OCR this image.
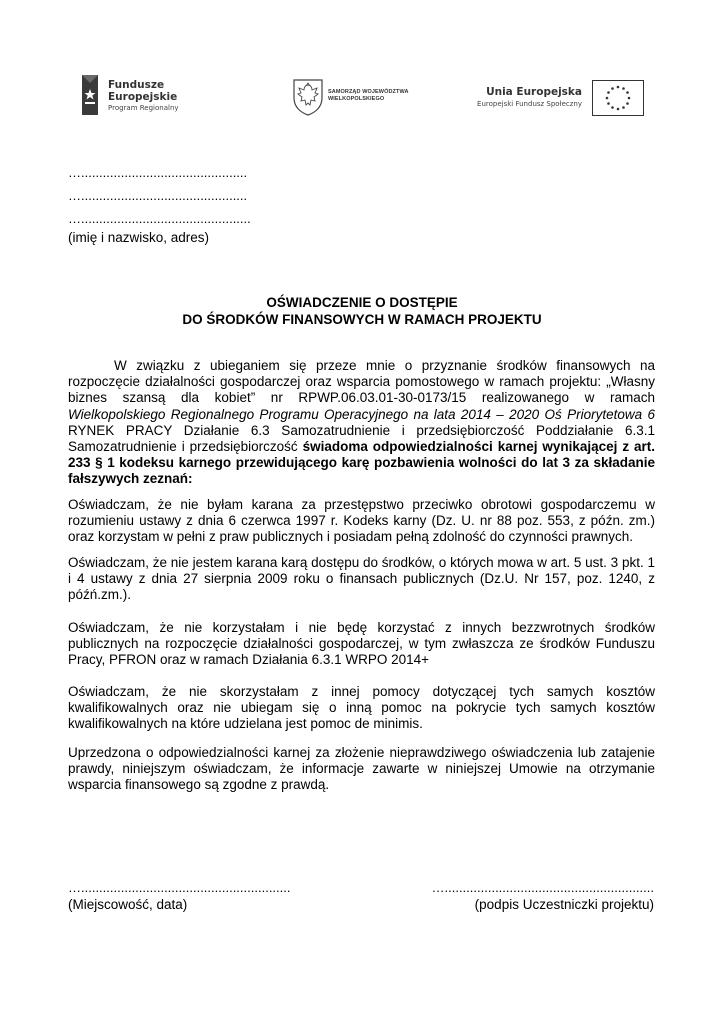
Fundusze
Europejskie
Program Regionalny
SAMORZĄD WOJEWÓDZTWA
WIELKOPOLSKIEGO
Unia Europejska
Europejski Fundusz Społeczny
…..............................................
…..............................................
…...............................................
(imię i nazwisko, adres)
OŚWIADCZENIE O DOSTĘPIE
DO ŚRODKÓW FINANSOWYCH W RAMACH PROJEKTU

W związku z ubieganiem się przeze mnie o przyznanie środków finansowych na rozpoczęcie działalności gospodarczej oraz wsparcia pomostowego w ramach projektu: „Własny biznes szansą dla kobiet” nr RPWP.06.03.01-30-0173/15 realizowanego w ramach Wielkopolskiego Regionalnego Programu Operacyjnego na lata 2014 – 2020 Oś Priorytetowa 6 RYNEK PRACY Działanie 6.3 Samozatrudnienie i przedsiębiorczość Poddziałanie 6.3.1 Samozatrudnienie i przedsiębiorczość świadoma odpowiedzialności karnej wynikającej z art. 233 § 1 kodeksu karnego przewidującego karę pozbawienia wolności do lat 3 za składanie fałszywych zeznań:

Oświadczam, że nie byłam karana za przestępstwo przeciwko obrotowi gospodarczemu w rozumieniu ustawy z dnia 6 czerwca 1997 r. Kodeks karny (Dz. U. nr 88 poz. 553, z późn. zm.) oraz korzystam w pełni z praw publicznych i posiadam pełną zdolność do czynności prawnych.

Oświadczam, że nie jestem karana karą dostępu do środków, o których mowa w art. 5 ust. 3 pkt. 1 i 4 ustawy z dnia 27 sierpnia 2009 roku o finansach publicznych (Dz.U. Nr 157, poz. 1240, z późń.zm.).

Oświadczam, że nie korzystałam i nie będę korzystać z innych bezzwrotnych środków publicznych na rozpoczęcie działalności gospodarczej, w tym zwłaszcza ze środków Funduszu Pracy, PFRON oraz w ramach Działania 6.3.1 WRPO 2014+

Oświadczam, że nie skorzystałam z innej pomocy dotyczącej tych samych kosztów kwalifikowalnych oraz nie ubiegam się o inną pomoc na pokrycie tych samych kosztów kwalifikowalnych na które udzielana jest pomoc de minimis.

Uprzedzona o odpowiedzialności karnej za złożenie nieprawdziwego oświadczenia lub zatajenie prawdy, niniejszym oświadczam, że informacje zawarte w niniejszej Umowie na otrzymanie wsparcia finansowego są zgodne z prawdą.

…..........................................................
(Miejscowość, data)
…..........................................................
(podpis Uczestniczki projektu)
